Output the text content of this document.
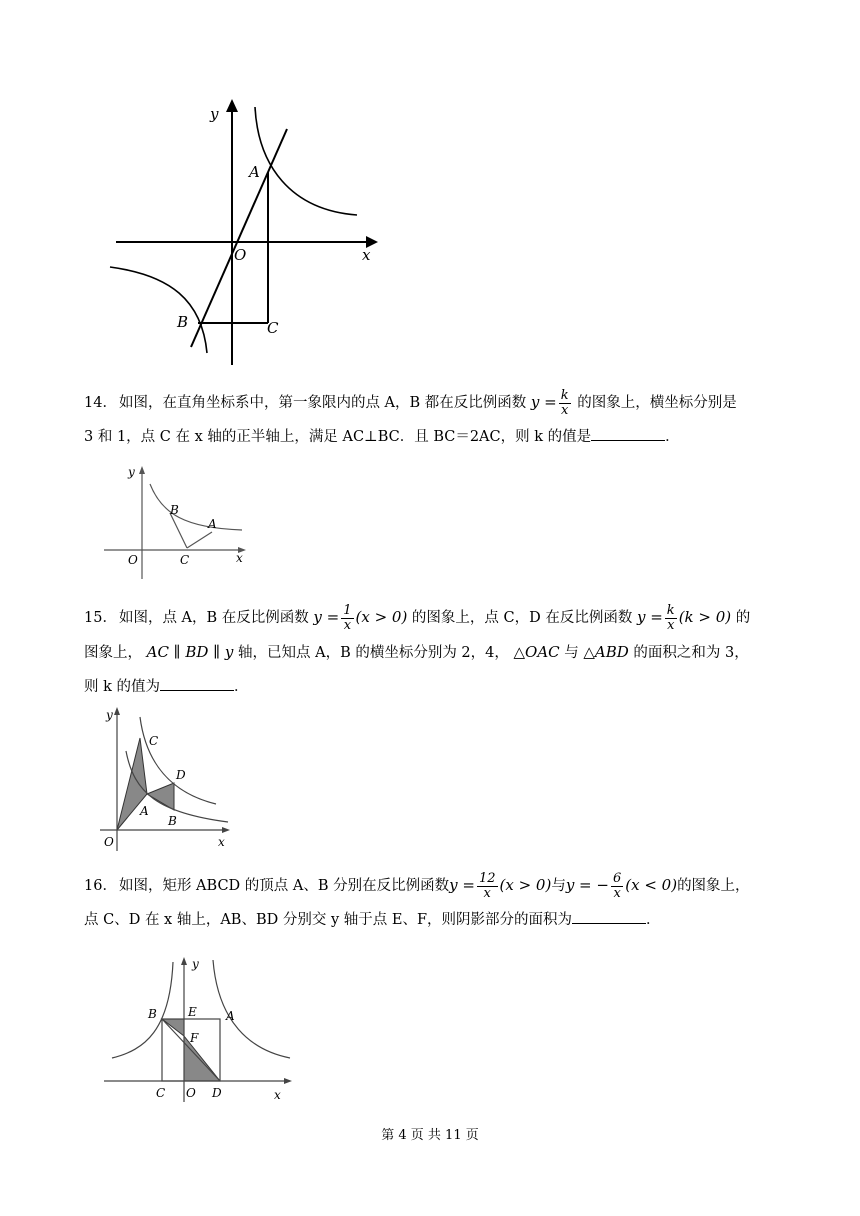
y
x
O
A
B	C

14． 如图，在直角坐标系中，第一象限内的点 A，B 都在反比例函数 $y = \frac{k}{x}$ 的图象上，横坐标分别是

3 和 1，点 C 在 x 轴的正半轴上，满足 AC⊥BC．且 BC＝2AC，则 k 的值是	．

y
x
O
A
B
C

15． 如图，点 A，B 在反比例函数 $y = \frac{1}{x} (x > 0)$ 的图象上，点 C，D 在反比例函数 $y = \frac{k}{x} (k > 0)$ 的

图象上， AC ∥ BD ∥ y 轴，已知点 A，B 的横坐标分别为 2，4， △OAC 与 △ABD 的面积之和为 3，

则 k 的值为	．

y
x
O
C
D
A
B

16． 如图，矩形 ABCD 的顶点 A、B 分别在反比例函数$y = \frac{12}{x} (x > 0)$与y = − $\frac{6}{x} (x < 0)$的图象上，

点 C、D 在 x 轴上，AB、BD 分别交 y 轴于点 E、F，则阴影部分的面积为	．

y
x
O
B	E A
F
C	D
第 4 页 共 11 页
